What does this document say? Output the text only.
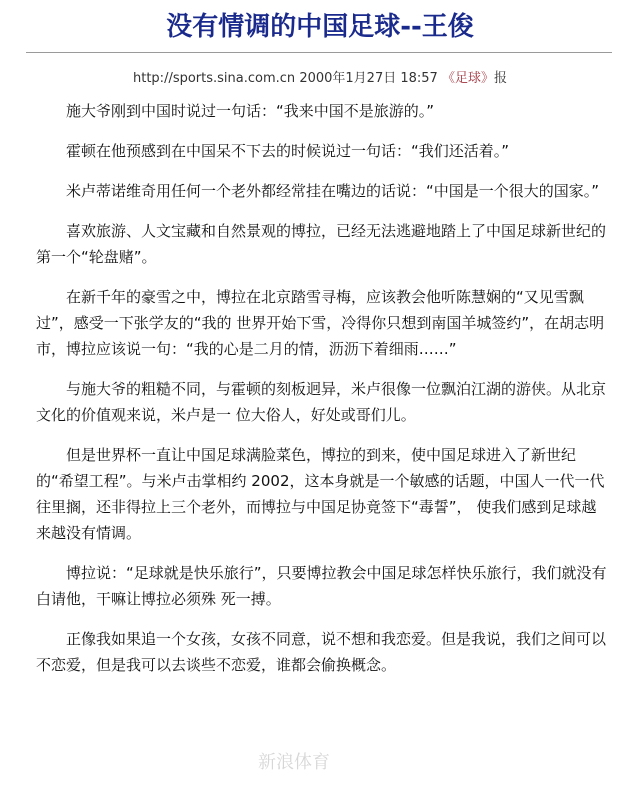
没有情调的中国足球--王俊
http://sports.sina.com.cn 2000年1月27日 18:57 《足球》报

施大爷刚到中国时说过一句话：“我来中国不是旅游的。”

霍顿在他预感到在中国呆不下去的时候说过一句话：“我们还活着。”

米卢蒂诺维奇用任何一个老外都经常挂在嘴边的话说：“中国是一个很大的国家。”

喜欢旅游、人文宝藏和自然景观的博拉，已经无法逃避地踏上了中国足球新世纪的第一个“轮盘赌”。

在新千年的豪雪之中，博拉在北京踏雪寻梅，应该教会他听陈慧娴的“又见雪飘过”，感受一下张学友的“我的 世界开始下雪，冷得你只想到南国羊城签约”，在胡志明市，博拉应该说一句：“我的心是二月的情，沥沥下着细雨……”

与施大爷的粗糙不同，与霍顿的刻板迥异，米卢很像一位飘泊江湖的游侠。从北京文化的价值观来说，米卢是一 位大俗人，好处或哥们儿。

但是世界杯一直让中国足球满脸菜色，博拉的到来，使中国足球进入了新世纪的“希望工程”。与米卢击掌相约 2002，这本身就是一个敏感的话题，中国人一代一代往里搁，还非得拉上三个老外，而博拉与中国足协竟签下“毒誓”， 使我们感到足球越来越没有情调。

博拉说：“足球就是快乐旅行”，只要博拉教会中国足球怎样快乐旅行，我们就没有白请他，干嘛让博拉必须殊 死一搏。

正像我如果追一个女孩，女孩不同意，说不想和我恋爱。但是我说，我们之间可以不恋爱，但是我可以去谈些不恋爱，谁都会偷换概念。

新浪体育
